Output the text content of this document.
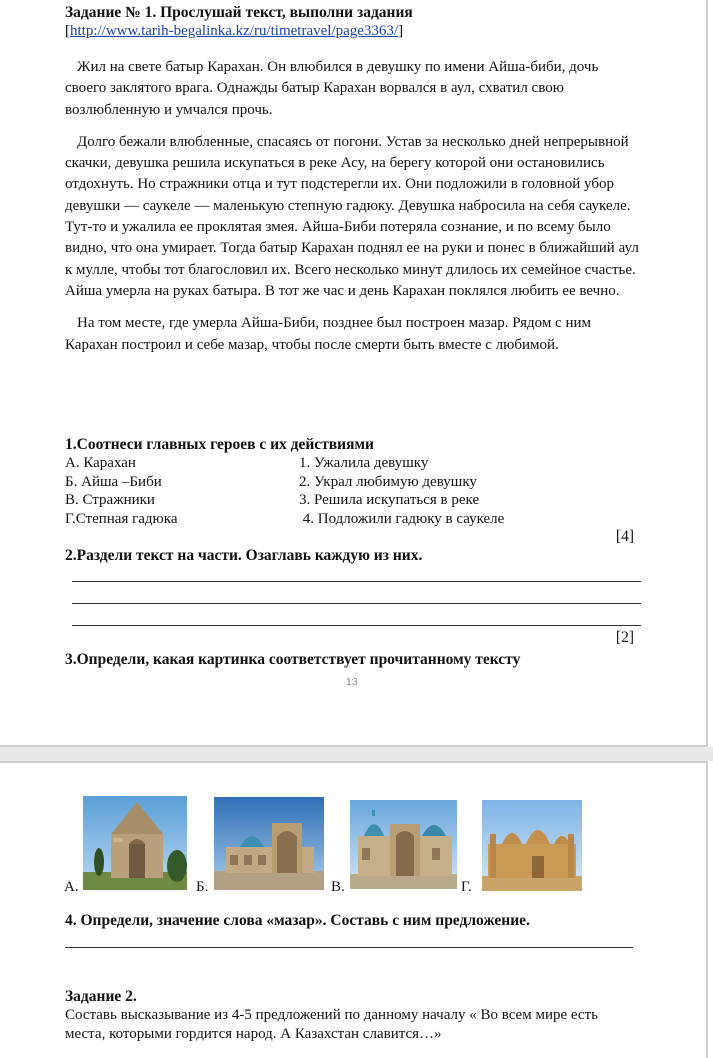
Задание № 1. Прослушай текст, выполни задания
[http://www.tarih-begalinka.kz/ru/timetravel/page3363/]

Жил на свете батыр Карахан. Он влюбился в девушку по имени Айша-биби, дочь своего заклятого врага. Однажды батыр Карахан ворвался в аул, схватил свою возлюбленную и умчался прочь.

Долго бежали влюбленные, спасаясь от погони. Устав за несколько дней непрерывной скачки, девушка решила искупаться в реке Асу, на берегу которой они остановились отдохнуть. Но стражники отца и тут подстерегли их. Они подложили в головной убор девушки — саукеле — маленькую степную гадюку. Девушка набросила на себя саукеле. Тут-то и ужалила ее проклятая змея. Айша-Биби потеряла сознание, и по всему было видно, что она умирает. Тогда батыр Карахан поднял ее на руки и понес в ближайший аул к мулле, чтобы тот благословил их. Всего несколько минут длилось их семейное счастье. Айша умерла на руках батыра. В тот же час и день Карахан поклялся любить ее вечно.

На том месте, где умерла Айша-Биби, позднее был построен мазар. Рядом с ним Карахан построил и себе мазар, чтобы после смерти быть вместе с любимой.

1.Соотнеси главных героев с их действиями
А. Карахан	1. Ужалила девушку
Б. Айша –Биби	2. Украл любимую девушку
В. Стражники	3. Решила искупаться в реке
Г.Степная гадюка	4. Подложили гадюку в саукеле
[4]
2.Раздели текст на части. Озаглавь каждую из них.
[2]
3.Определи, какая картинка соответствует прочитанному тексту
13
А.	Б.	В.	Г.
4. Определи, значение слова «мазар». Составь с ним предложение.
Задание 2.
Составь высказывание из 4-5 предложений по данному началу « Во всем мире есть места, которыми гордится народ. А Казахстан славится…»
